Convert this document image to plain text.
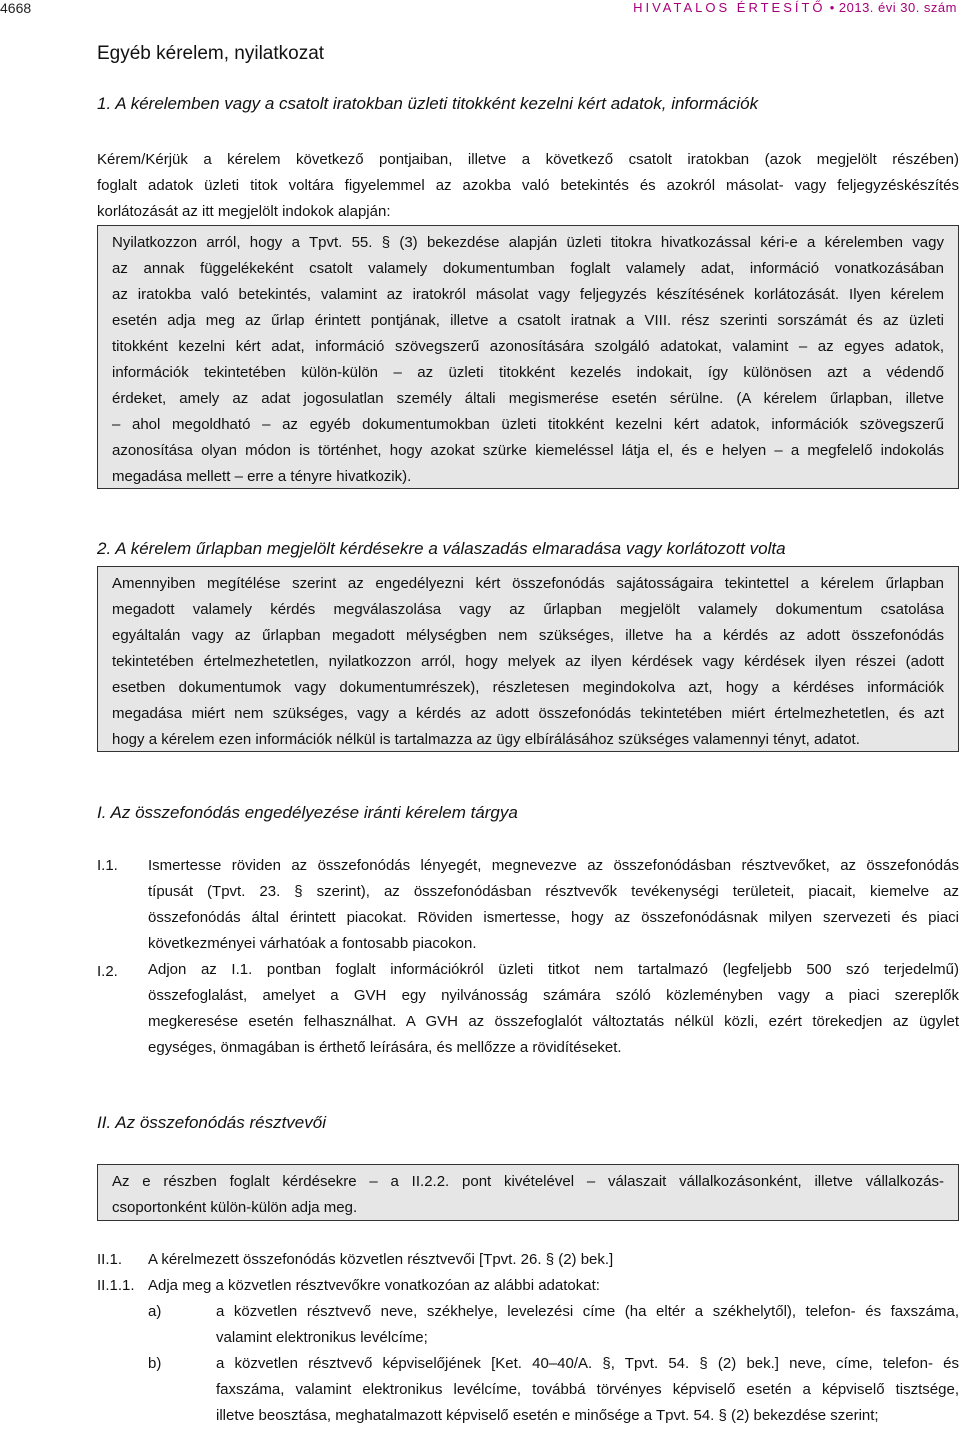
4668	HIVATALOS ÉRTESÍTŐ • 2013. évi 30. szám
Egyéb kérelem, nyilatkozat
1. A kérelemben vagy a csatolt iratokban üzleti titokként kezelni kért adatok, információk
Kérem/Kérjük a kérelem következő pontjaiban, illetve a következő csatolt iratokban (azok megjelölt részében)
foglalt adatok üzleti titok voltára figyelemmel az azokba való betekintés és azokról másolat- vagy feljegyzéskészítés
korlátozását az itt megjelölt indokok alapján:
Nyilatkozzon arról, hogy a Tpvt. 55. § (3) bekezdése alapján üzleti titokra hivatkozással kéri-e a kérelemben vagy
az annak függelékeként csatolt valamely dokumentumban foglalt valamely adat, információ vonatkozásában
az iratokba való betekintés, valamint az iratokról másolat vagy feljegyzés készítésének korlátozását. Ilyen kérelem
esetén adja meg az űrlap érintett pontjának, illetve a csatolt iratnak a VIII. rész szerinti sorszámát és az üzleti
titokként kezelni kért adat, információ szövegszerű azonosítására szolgáló adatokat, valamint – az egyes adatok,
információk tekintetében külön-külön – az üzleti titokként kezelés indokait, így különösen azt a védendő
érdeket, amely az adat jogosulatlan személy általi megismerése esetén sérülne. (A kérelem űrlapban, illetve
– ahol megoldható – az egyéb dokumentumokban üzleti titokként kezelni kért adatok, információk szövegszerű
azonosítása olyan módon is történhet, hogy azokat szürke kiemeléssel látja el, és e helyen – a megfelelő indokolás
megadása mellett – erre a tényre hivatkozik).
2. A kérelem űrlapban megjelölt kérdésekre a válaszadás elmaradása vagy korlátozott volta
Amennyiben megítélése szerint az engedélyezni kért összefonódás sajátosságaira tekintettel a kérelem űrlapban
megadott valamely kérdés megválaszolása vagy az űrlapban megjelölt valamely dokumentum csatolása
egyáltalán vagy az űrlapban megadott mélységben nem szükséges, illetve ha a kérdés az adott összefonódás
tekintetében értelmezhetetlen, nyilatkozzon arról, hogy melyek az ilyen kérdések vagy kérdések ilyen részei (adott
esetben dokumentumok vagy dokumentumrészek), részletesen megindokolva azt, hogy a kérdéses információk
megadása miért nem szükséges, vagy a kérdés az adott összefonódás tekintetében miért értelmezhetetlen, és azt
hogy a kérelem ezen információk nélkül is tartalmazza az ügy elbírálásához szükséges valamennyi tényt, adatot.
I. Az összefonódás engedélyezése iránti kérelem tárgya
I.1. Ismertesse röviden az összefonódás lényegét, megnevezve az összefonódásban résztvevőket, az összefonódás
típusát (Tpvt. 23. § szerint), az összefonódásban résztvevők tevékenységi területeit, piacait, kiemelve az
összefonódás által érintett piacokat. Röviden ismertesse, hogy az összefonódásnak milyen szervezeti és piaci
következményei várhatóak a fontosabb piacokon.
I.2. Adjon az I.1. pontban foglalt információkról üzleti titkot nem tartalmazó (legfeljebb 500 szó terjedelmű)
összefoglalást, amelyet a GVH egy nyilvánosság számára szóló közleményben vagy a piaci szereplők
megkeresése esetén felhasználhat. A GVH az összefoglalót változtatás nélkül közli, ezért törekedjen az ügylet
egységes, önmagában is érthető leírására, és mellőzze a rövidítéseket.
II. Az összefonódás résztvevői
Az e részben foglalt kérdésekre – a II.2.2. pont kivételével – válaszait vállalkozásonként, illetve vállalkozás-
csoportonként külön-külön adja meg.
II.1. A kérelmezett összefonódás közvetlen résztvevői [Tpvt. 26. § (2) bek.]
II.1.1. Adja meg a közvetlen résztvevőkre vonatkozóan az alábbi adatokat:
a)	a közvetlen résztvevő neve, székhelye, levelezési címe (ha eltér a székhelytől), telefon- és faxszáma,
valamint elektronikus levélcíme;
b)	a közvetlen résztvevő képviselőjének [Ket. 40–40/A. §, Tpvt. 54. § (2) bek.] neve, címe, telefon- és
faxszáma, valamint elektronikus levélcíme, továbbá törvényes képviselő esetén a képviselő tisztsége,
illetve beosztása, meghatalmazott képviselő esetén e minősége a Tpvt. 54. § (2) bekezdése szerint;
